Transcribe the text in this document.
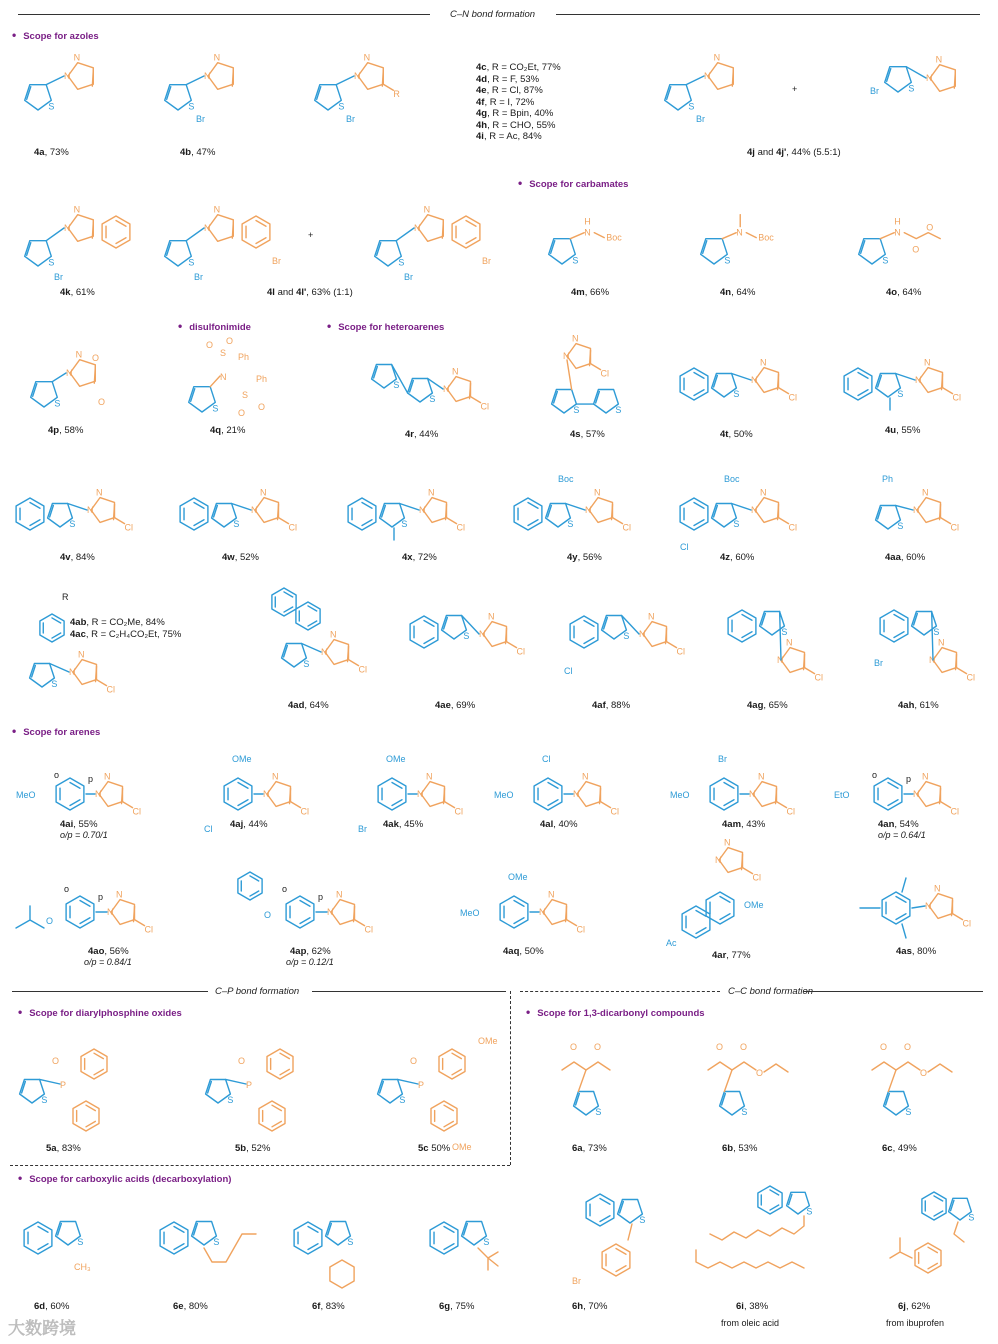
C–N bond formation
C–P bond formation	C–C bond formation
• Scope for azoles
• Scope for carbamates
• disulfonimide	• Scope for heteroarenes
• Scope for arenes
• Scope for diarylphosphine oxides	• Scope for 1,3-dicarbonyl compounds
• Scope for carboxylic acids (decarboxylation)
4c, R = CO₂Et, 77%
4d, R = F, 53%
4e, R = Cl, 87%
4f, R = I, 72%
4g, R = Bpin, 40%
4h, R = CHO, 55%
4i, R = Ac, 84%
4ab, R = CO₂Me, 84%
4ac, R = C₂H₄CO₂Et, 75%
4a, 73%	4b, 47%	4j and 4j', 44% (5.5:1)
4k, 61%	4l and 4l', 63% (1:1)	4m, 66%	4n, 64%	4o, 64%
4p, 58%	4q, 21%	4r, 44%	4s, 57%	4t, 50%	4u, 55%
4v, 84%	4w, 52%	4x, 72%	4y, 56%	4z, 60%	4aa, 60%
4ad, 64%	4ae, 69%	4af, 88%	4ag, 65%	4ah, 61%
4ai, 55%
o/p = 0.70/1
4aj, 44%	4ak, 45%	4al, 40%	4am, 43%	4an, 54%
o/p = 0.64/1
4ao, 56%
o/p = 0.84/1
4ap, 62%
o/p = 0.12/1
4aq, 50%	4ar, 77%	4as, 80%
5a, 83%	5b, 52%	5c 50%	6a, 73%	6b, 53%	6c, 49%
6d, 60%	6e, 80%	6f, 83%	6g, 75%	6h, 70%	6i, 38%
from oleic acid
6j, 62%
from ibuprofen
大数跨境
S
N
N
S
N
N
Br
S
N
N
R
Br
S
N
N
Br
+	S
N
N
Br
S
N
N
Br
S
N
N
Br
Br
+
S
N
N
Br
Br	S
N
H
Boc
S
N Boc
S
N
H
O
O
S
N
N O
O
S
N
S Ph
O O
S
Ph
O
O
S
S
N
N
Cl
N
N
Cl
S	S
S
N
N
Cl	S
N
N
Cl
S
N
N
Cl	S
N
N
Cl	S
N
N
Cl	S
N
N
Cl
Boc
S
N
N
Cl
Boc
Cl
S
N
N
Cl
Ph
R
S
N
N
Cl
S
N
N
Cl
S N
N
Cl
S N
N
Cl
Cl
S
N
N
Cl
S
N
N
Cl
Br
N
N
Cl
MeO
o	p
N
N
Cl
OMe
Cl
N
N
Cl
OMe
Br
N
N
Cl
MeO
Cl
N
N
Cl
MeO
Br
N
N
Cl
EtO
o	p
O
N
N
Cl
o
p
O	N
N
Cl
o
p
N
N
Cl
MeO
OMe
N
N
Cl
Ac
OMe	N
N
Cl
S
P
O
S
P
O
S
P
O
OMe
OMe
O O
S
O O
O
S
O O
O
S
S
CH₃
S	S	S
S
Br
S
S
